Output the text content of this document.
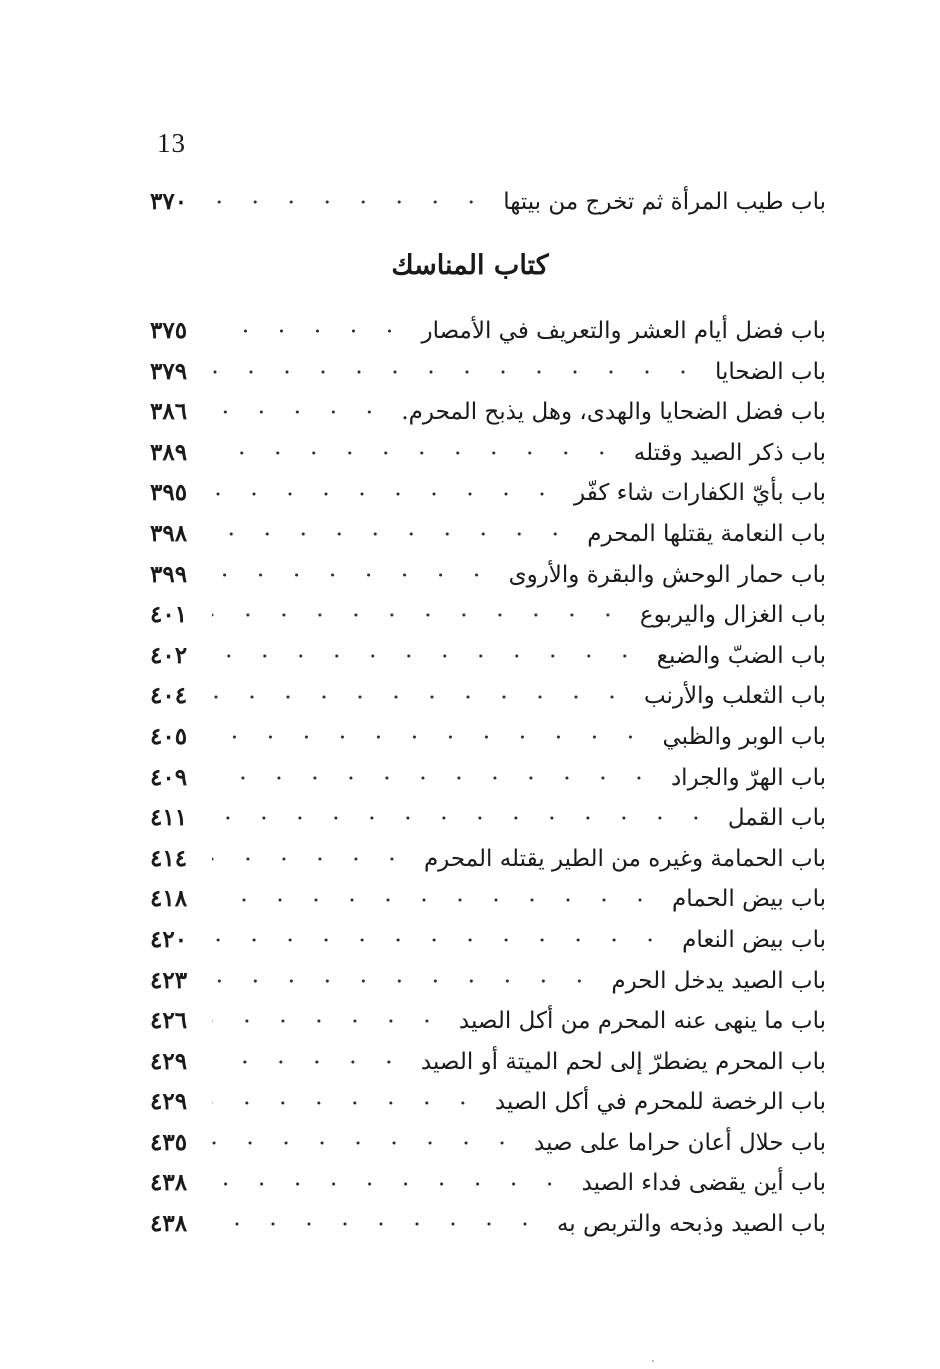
13
باب طيب المرأة ثم تخرج من بيتها
٣٧٠
كتاب المناسك
باب فضل أيام العشر والتعريف في الأمصار
٣٧٥
باب الضحايا
٣٧٩
باب فضل الضحايا والهدى، وهل يذبح المحرم.
٣٨٦
باب ذكر الصيد وقتله
٣٨٩
باب بأيّ الكفارات شاء كفّر
٣٩٥
باب النعامة يقتلها المحرم
٣٩٨
باب حمار الوحش والبقرة والأروى
٣٩٩
باب الغزال واليربوع
٤٠١
باب الضبّ والضبع
٤٠٢
باب الثعلب والأرنب
٤٠٤
باب الوبر والظبي
٤٠٥
باب الهرّ والجراد
٤٠٩
باب القمل
٤١١
باب الحمامة وغيره من الطير يقتله المحرم
٤١٤
باب بيض الحمام
٤١٨
باب بيض النعام
٤٢٠
باب الصيد يدخل الحرم
٤٢٣
باب ما ينهى عنه المحرم من أكل الصيد
٤٢٦
باب المحرم يضطرّ إلى لحم الميتة أو الصيد
٤٢٩
باب الرخصة للمحرم في أكل الصيد
٤٢٩
باب حلال أعان حراما على صيد
٤٣٥
باب أين يقضى فداء الصيد
٤٣٨
باب الصيد وذبحه والتربص به
٤٣٨
